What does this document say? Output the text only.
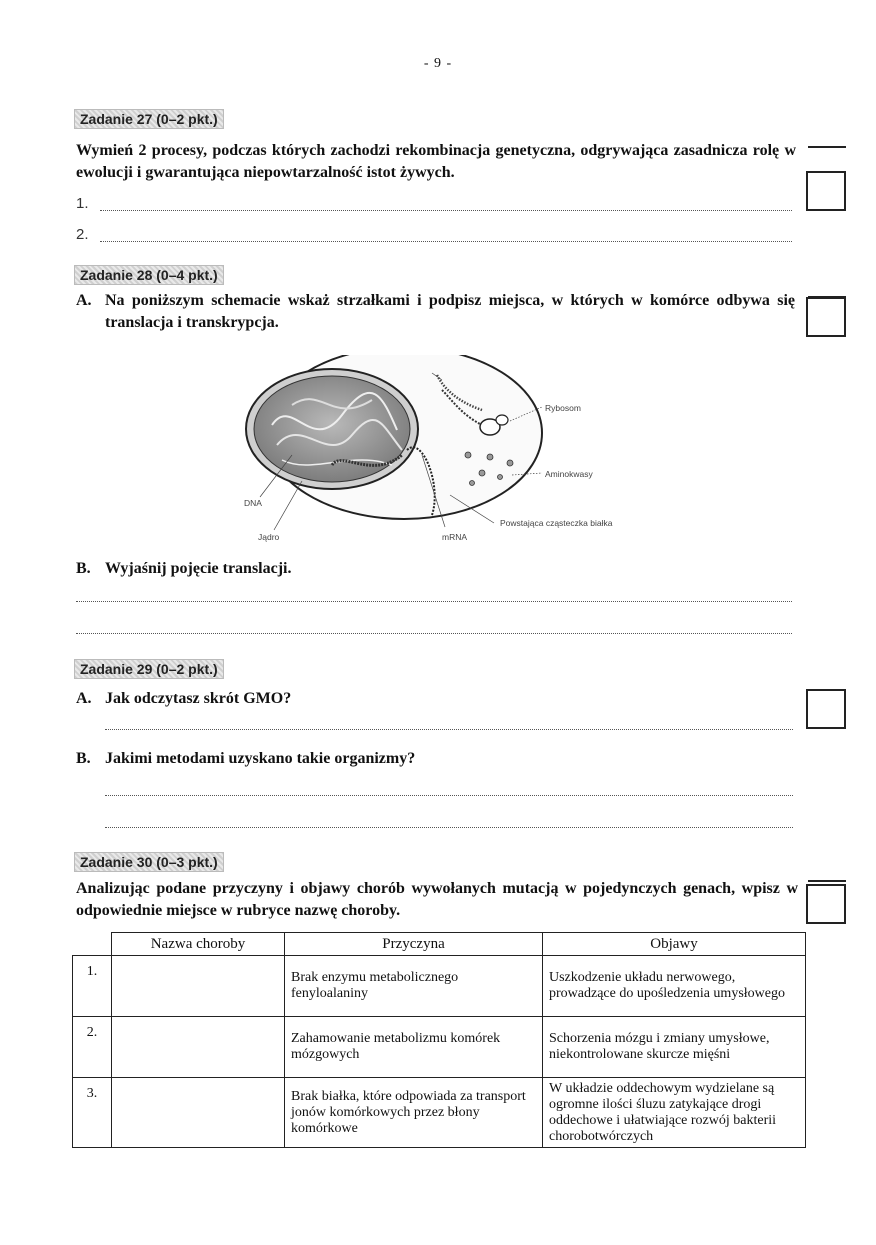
- 9 -
Zadanie 27 (0–2 pkt.)
Wymień 2 procesy, podczas których zachodzi rekombinacja genetyczna, odgrywająca zasadnicza rolę w ewolucji i gwarantująca niepowtarzalność istot żywych.
1.
2.
Zadanie 28 (0–4 pkt.)
A. Na poniższym schemacie wskaż strzałkami i podpisz miejsca, w których w komórce odbywa się translacja i transkrypcja.
Rybosom
Aminokwasy
Powstająca cząsteczka białka
DNA
Jądro	mRNA
B. Wyjaśnij pojęcie translacji.
Zadanie 29 (0–2 pkt.)
A. Jak odczytasz skrót GMO?
B. Jakimi metodami uzyskano takie organizmy?
Zadanie 30 (0–3 pkt.)
Analizując podane przyczyny i objawy chorób wywołanych mutacją w pojedynczych genach, wpisz w odpowiednie miejsce w rubryce nazwę choroby.
	Nazwa choroby	Przyczyna	Objawy
1.		Brak enzymu metabolicznego fenyloalaniny	Uszkodzenie układu nerwowego, prowadzące do upośledzenia umysłowego
2.		Zahamowanie metabolizmu komórek mózgowych	Schorzenia mózgu i zmiany umysłowe, niekontrolowane skurcze mięśni
3.		Brak białka, które odpowiada za transport jonów komórkowych przez błony komórkowe	W układzie oddechowym wydzielane są ogromne ilości śluzu zatykające drogi oddechowe i ułatwiające rozwój bakterii chorobotwórczych
